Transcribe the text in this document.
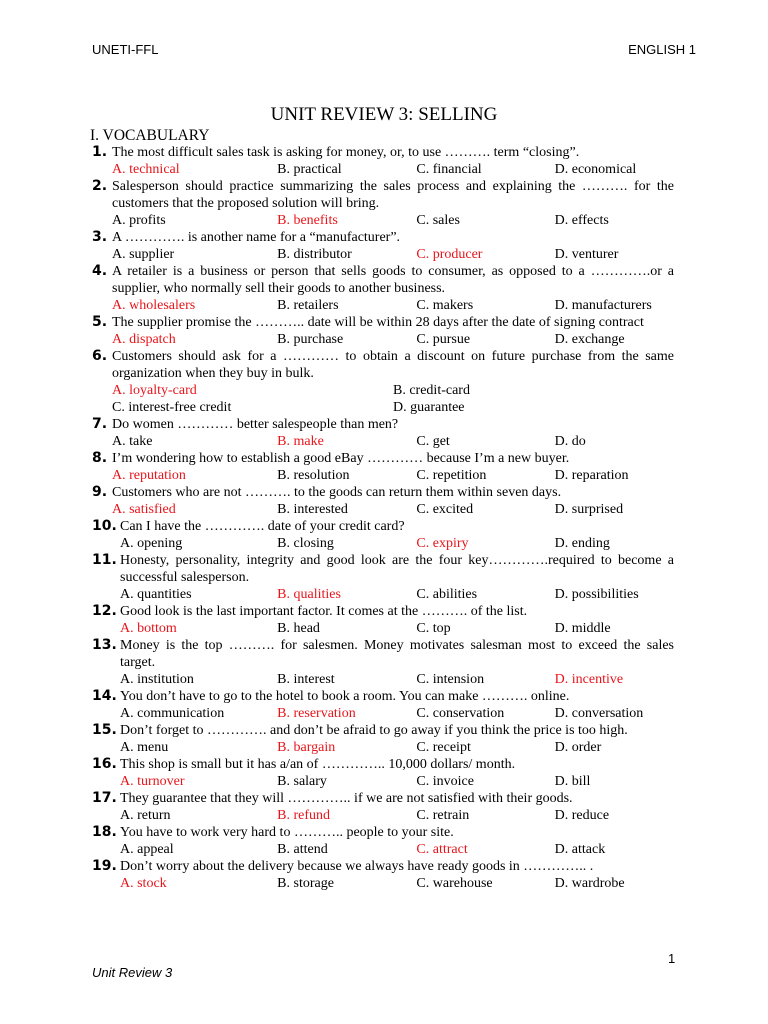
UNETI-FFL	ENGLISH 1
UNIT REVIEW 3: SELLING
I. VOCABULARY
1. The most difficult sales task is asking for money, or, to use ………. term “closing”.
A. technical	B. practical	C. financial	D. economical
2. Salesperson should practice summarizing the sales process and explaining the ………. for the customers that the proposed solution will bring.
A. profits	B. benefits	C. sales	D. effects
3. A …………. is another name for a “manufacturer”.
A. supplier	B. distributor	C. producer	D. venturer
4. A retailer is a business or person that sells goods to consumer, as opposed to a ………….or a supplier, who normally sell their goods to another business.
A. wholesalers	B. retailers	C. makers	D. manufacturers
5. The supplier promise the ……….. date will be within 28 days after the date of signing contract
A. dispatch	B. purchase	C. pursue	D. exchange
6. Customers should ask for a ………… to obtain a discount on future purchase from the same organization when they buy in bulk.
A. loyalty-card	B. credit-card
C. interest-free credit	D. guarantee
7. Do women ………… better salespeople than men?
A. take	B. make	C. get	D. do
8. I’m wondering how to establish a good eBay ………… because I’m a new buyer.
A. reputation	B. resolution	C. repetition	D. reparation
9. Customers who are not ………. to the goods can return them within seven days.
A. satisfied	B. interested	C. excited	D. surprised
10. Can I have the …………. date of your credit card?
A. opening	B. closing	C. expiry	D. ending
11. Honesty, personality, integrity and good look are the four key………….required to become a successful salesperson.
A. quantities	B. qualities	C. abilities	D. possibilities
12. Good look is the last important factor. It comes at the ………. of the list.
A. bottom	B. head	C. top	D. middle
13. Money is the top ………. for salesmen. Money motivates salesman most to exceed the sales target.
A. institution	B. interest	C. intension	D. incentive
14. You don’t have to go to the hotel to book a room. You can make ………. online.
A. communication	B. reservation	C. conservation	D. conversation
15. Don’t forget to …………. and don’t be afraid to go away if you think the price is too high.
A. menu	B. bargain	C. receipt	D. order
16. This shop is small but it has a/an of ………….. 10,000 dollars/ month.
A. turnover	B. salary	C. invoice	D. bill
17. They guarantee that they will ………….. if we are not satisfied with their goods.
A. return	B. refund	C. retrain	D. reduce
18. You have to work very hard to ……….. people to your site.
A. appeal	B. attend	C. attract	D. attack
19. Don’t worry about the delivery because we always have ready goods in ………….. .
A. stock	B. storage	C. warehouse	D. wardrobe
1
Unit Review 3
